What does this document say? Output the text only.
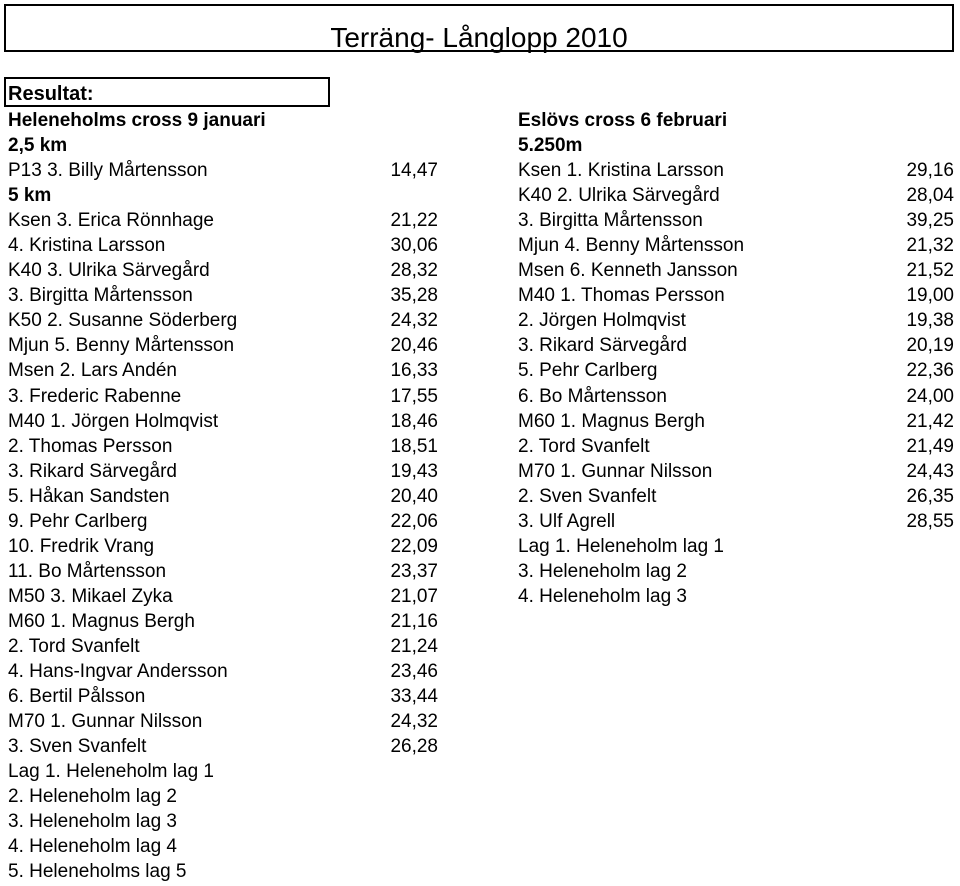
Terräng- Långlopp 2010
Resultat:
Heleneholms cross 9 januari
2,5 km
P13 3. Billy Mårtensson	14,47
5 km
Ksen 3. Erica Rönnhage	21,22
4. Kristina Larsson	30,06
K40 3. Ulrika Särvegård	28,32
3. Birgitta Mårtensson	35,28
K50 2. Susanne Söderberg	24,32
Mjun 5. Benny Mårtensson	20,46
Msen 2. Lars Andén	16,33
3. Frederic Rabenne	17,55
M40 1. Jörgen Holmqvist	18,46
2. Thomas Persson	18,51
3. Rikard Särvegård	19,43
5. Håkan Sandsten	20,40
9. Pehr Carlberg	22,06
10. Fredrik Vrang	22,09
11. Bo Mårtensson	23,37
M50 3. Mikael Zyka	21,07
M60 1. Magnus Bergh	21,16
2. Tord Svanfelt	21,24
4. Hans-Ingvar Andersson	23,46
6. Bertil Pålsson	33,44
M70 1. Gunnar Nilsson	24,32
3. Sven Svanfelt	26,28
Lag 1. Heleneholm lag 1
2. Heleneholm lag 2
3. Heleneholm lag 3
4. Heleneholm lag 4
5. Heleneholms lag 5
Eslövs cross 6 februari
5.250m
Ksen 1. Kristina Larsson	29,16
K40 2. Ulrika Särvegård	28,04
3. Birgitta Mårtensson	39,25
Mjun 4. Benny Mårtensson	21,32
Msen 6. Kenneth Jansson	21,52
M40 1. Thomas Persson	19,00
2. Jörgen Holmqvist	19,38
3. Rikard Särvegård	20,19
5. Pehr Carlberg	22,36
6. Bo Mårtensson	24,00
M60 1. Magnus Bergh	21,42
2. Tord Svanfelt	21,49
M70 1. Gunnar Nilsson	24,43
2. Sven Svanfelt	26,35
3. Ulf Agrell	28,55
Lag 1. Heleneholm lag 1
3. Heleneholm lag 2
4. Heleneholm lag 3
